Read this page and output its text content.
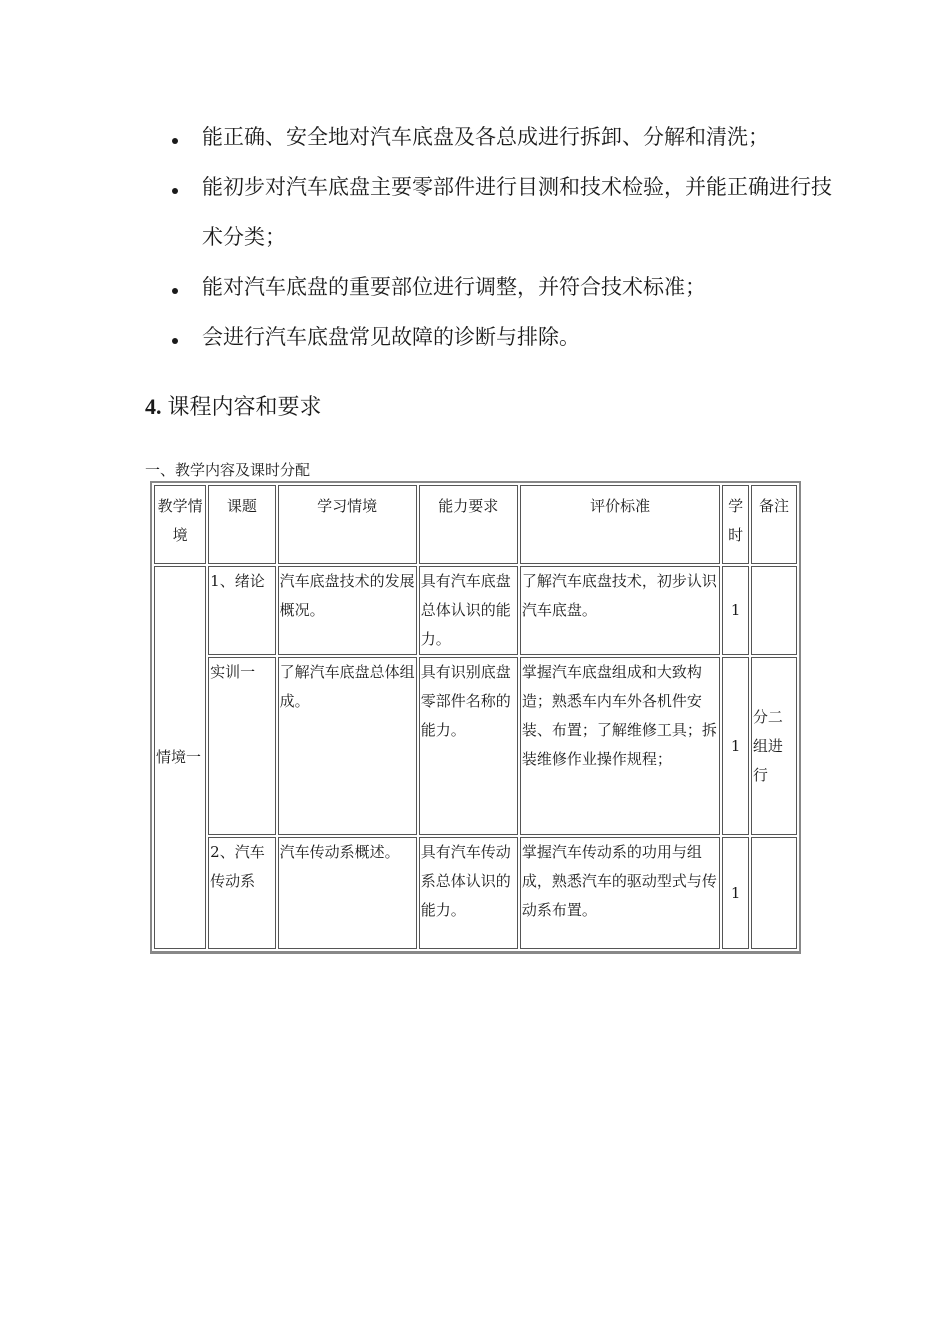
能正确、安全地对汽车底盘及各总成进行拆卸、分解和清洗；
能初步对汽车底盘主要零部件进行目测和技术检验，并能正确进行技术分类；
能对汽车底盘的重要部位进行调整，并符合技术标准；
会进行汽车底盘常见故障的诊断与排除。
4. 课程内容和要求
一、教学内容及课时分配
教学情境	课题	学习情境	能力要求	评价标准	学时	备注
情境一	1、绪论	汽车底盘技术的发展概况。	具有汽车底盘总体认识的能力。	了解汽车底盘技术，初步认识汽车底盘。	1	
	实训一	了解汽车底盘总体组成。	具有识别底盘零部件名称的能力。	掌握汽车底盘组成和大致构造；熟悉车内车外各机件安装、布置；了解维修工具；拆装维修作业操作规程；	1	分二组进行
	2、汽车传动系	汽车传动系概述。	具有汽车传动系总体认识的能力。	掌握汽车传动系的功用与组成，熟悉汽车的驱动型式与传动系布置。	1	
